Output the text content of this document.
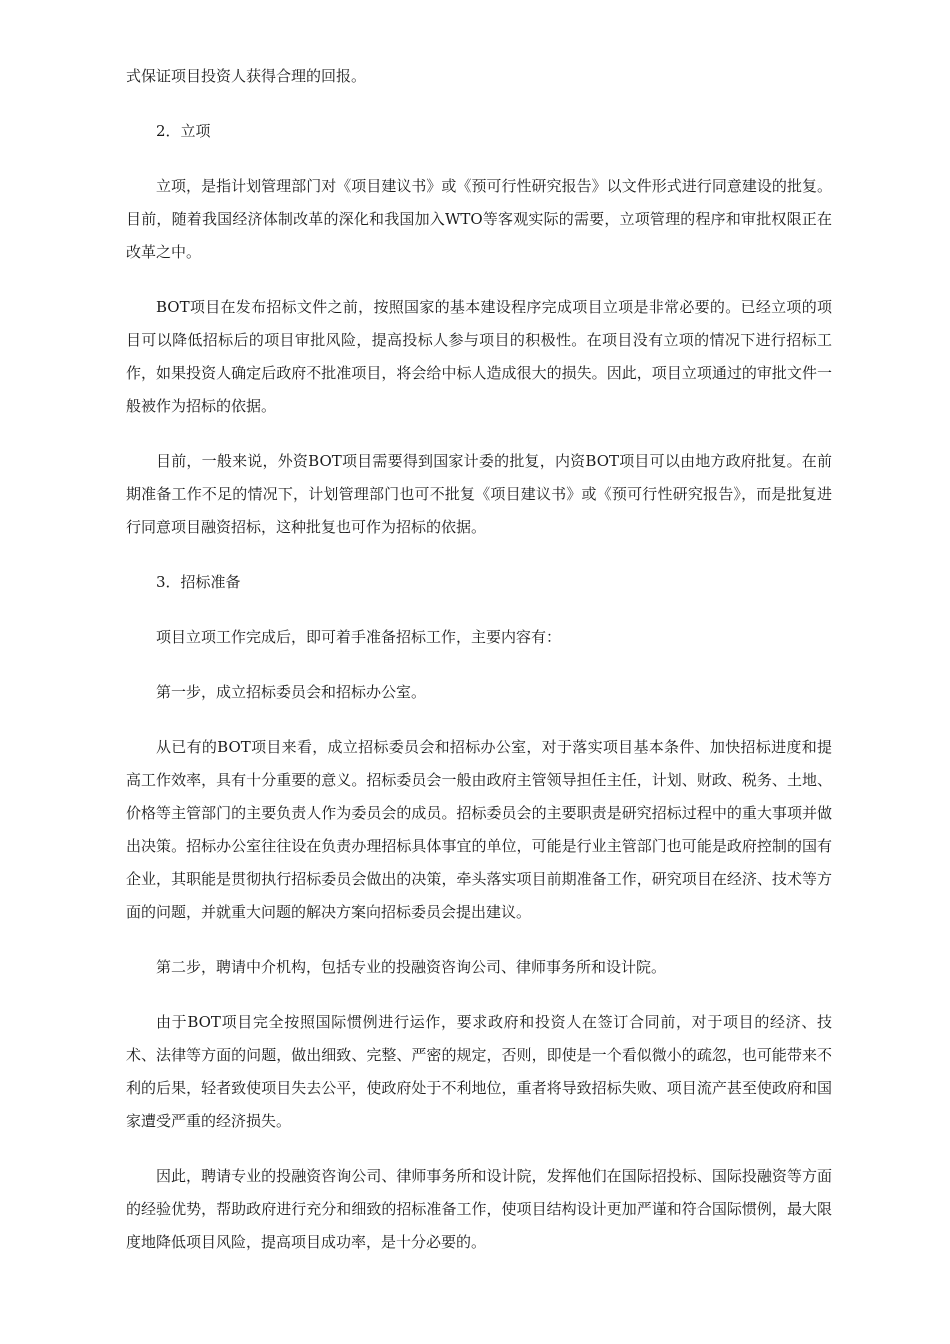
式保证项目投资人获得合理的回报。

2．立项

立项，是指计划管理部门对《项目建议书》或《预可行性研究报告》以文件形式进行同意建设的批复。目前，随着我国经济体制改革的深化和我国加入WTO等客观实际的需要，立项管理的程序和审批权限正在改革之中。

BOT项目在发布招标文件之前，按照国家的基本建设程序完成项目立项是非常必要的。已经立项的项目可以降低招标后的项目审批风险，提高投标人参与项目的积极性。在项目没有立项的情况下进行招标工作，如果投资人确定后政府不批准项目，将会给中标人造成很大的损失。因此，项目立项通过的审批文件一般被作为招标的依据。

目前，一般来说，外资BOT项目需要得到国家计委的批复，内资BOT项目可以由地方政府批复。在前期准备工作不足的情况下，计划管理部门也可不批复《项目建议书》或《预可行性研究报告》，而是批复进行同意项目融资招标，这种批复也可作为招标的依据。

3．招标准备

项目立项工作完成后，即可着手准备招标工作，主要内容有：

第一步，成立招标委员会和招标办公室。

从已有的BOT项目来看，成立招标委员会和招标办公室，对于落实项目基本条件、加快招标进度和提高工作效率，具有十分重要的意义。招标委员会一般由政府主管领导担任主任，计划、财政、税务、土地、价格等主管部门的主要负责人作为委员会的成员。招标委员会的主要职责是研究招标过程中的重大事项并做出决策。招标办公室往往设在负责办理招标具体事宜的单位，可能是行业主管部门也可能是政府控制的国有企业，其职能是贯彻执行招标委员会做出的决策，牵头落实项目前期准备工作，研究项目在经济、技术等方面的问题，并就重大问题的解决方案向招标委员会提出建议。

第二步，聘请中介机构，包括专业的投融资咨询公司、律师事务所和设计院。

由于BOT项目完全按照国际惯例进行运作，要求政府和投资人在签订合同前，对于项目的经济、技术、法律等方面的问题，做出细致、完整、严密的规定，否则，即使是一个看似微小的疏忽，也可能带来不利的后果，轻者致使项目失去公平，使政府处于不利地位，重者将导致招标失败、项目流产甚至使政府和国家遭受严重的经济损失。

因此，聘请专业的投融资咨询公司、律师事务所和设计院，发挥他们在国际招投标、国际投融资等方面的经验优势，帮助政府进行充分和细致的招标准备工作，使项目结构设计更加严谨和符合国际惯例，最大限度地降低项目风险，提高项目成功率，是十分必要的。
